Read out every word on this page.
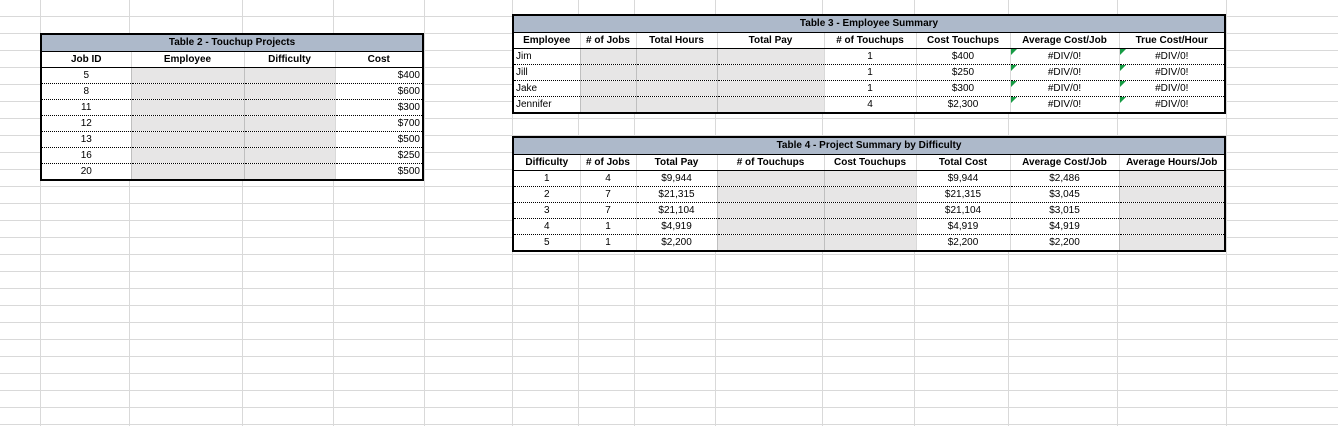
Table 2 - Touchup Projects			
Job ID	Employee	Difficulty	Cost
5			$400
8			$600
11			$300
12			$700
13			$500
16			$250
20			$500
Table 3 - Employee Summary							
Employee	# of Jobs	Total Hours	Total Pay	# of Touchups	Cost Touchups	Average Cost/Job	True Cost/Hour
Jim				1	$400	#DIV/0!	#DIV/0!
Jill				1	$250	#DIV/0!	#DIV/0!
Jake				1	$300	#DIV/0!	#DIV/0!
Jennifer				4	$2,300	#DIV/0!	#DIV/0!
Table 4 - Project Summary by Difficulty							
Difficulty	# of Jobs	Total Pay	# of Touchups	Cost Touchups	Total Cost	Average Cost/Job	Average Hours/Job
1	4	$9,944			$9,944	$2,486	
2	7	$21,315			$21,315	$3,045	
3	7	$21,104			$21,104	$3,015	
4	1	$4,919			$4,919	$4,919	
5	1	$2,200			$2,200	$2,200	
